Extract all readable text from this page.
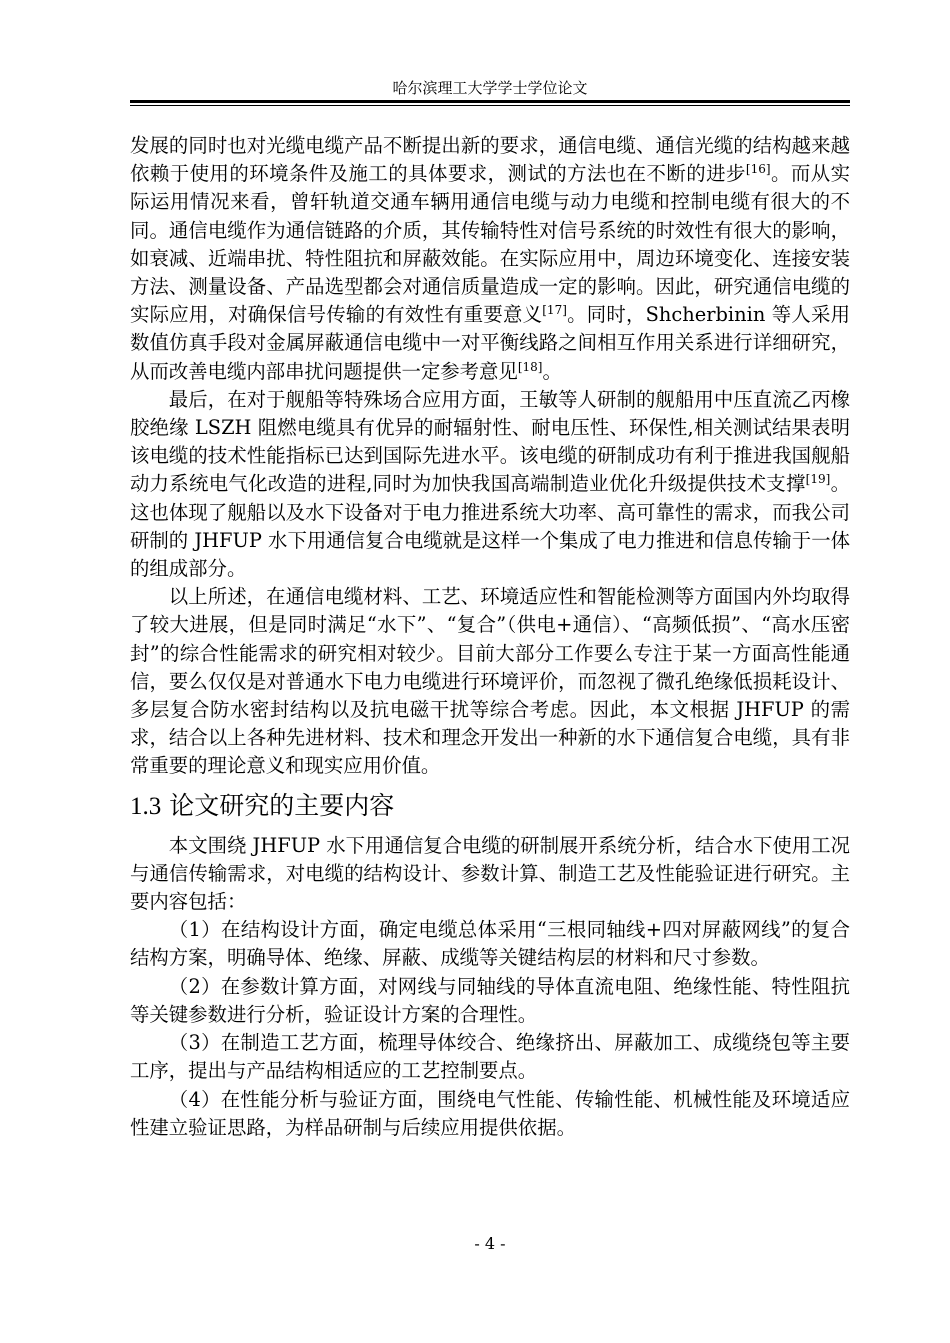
哈尔滨理工大学学士学位论文

发展的同时也对光缆电缆产品不断提出新的要求，通信电缆、通信光缆的结构越来越依赖于使用的环境条件及施工的具体要求，测试的方法也在不断的进步[16]。而从实际运用情况来看，曾轩轨道交通车辆用通信电缆与动力电缆和控制电缆有很大的不同。通信电缆作为通信链路的介质，其传输特性对信号系统的时效性有很大的影响，如衰减、近端串扰、特性阻抗和屏蔽效能。在实际应用中，周边环境变化、连接安装方法、测量设备、产品选型都会对通信质量造成一定的影响。因此，研究通信电缆的实际应用，对确保信号传输的有效性有重要意义[17]。同时，Shcherbinin 等人采用数值仿真手段对金属屏蔽通信电缆中一对平衡线路之间相互作用关系进行详细研究，从而改善电缆内部串扰问题提供一定参考意见[18]。

最后，在对于舰船等特殊场合应用方面，王敏等人研制的舰船用中压直流乙丙橡胶绝缘 LSZH 阻燃电缆具有优异的耐辐射性、耐电压性、环保性,相关测试结果表明该电缆的技术性能指标已达到国际先进水平。该电缆的研制成功有利于推进我国舰船动力系统电气化改造的进程,同时为加快我国高端制造业优化升级提供技术支撑[19]。这也体现了舰船以及水下设备对于电力推进系统大功率、高可靠性的需求，而我公司研制的 JHFUP 水下用通信复合电缆就是这样一个集成了电力推进和信息传输于一体的组成部分。

以上所述，在通信电缆材料、工艺、环境适应性和智能检测等方面国内外均取得了较大进展，但是同时满足“水下”、“复合”（供电+通信）、“高频低损”、“高水压密封”的综合性能需求的研究相对较少。目前大部分工作要么专注于某一方面高性能通信，要么仅仅是对普通水下电力电缆进行环境评价，而忽视了微孔绝缘低损耗设计、多层复合防水密封结构以及抗电磁干扰等综合考虑。因此，本文根据 JHFUP 的需求，结合以上各种先进材料、技术和理念开发出一种新的水下通信复合电缆，具有非常重要的理论意义和现实应用价值。

1.3 论文研究的主要内容

本文围绕 JHFUP 水下用通信复合电缆的研制展开系统分析，结合水下使用工况与通信传输需求，对电缆的结构设计、参数计算、制造工艺及性能验证进行研究。主要内容包括：

（1）在结构设计方面，确定电缆总体采用“三根同轴线+四对屏蔽网线”的复合结构方案，明确导体、绝缘、屏蔽、成缆等关键结构层的材料和尺寸参数。

（2）在参数计算方面，对网线与同轴线的导体直流电阻、绝缘性能、特性阻抗等关键参数进行分析，验证设计方案的合理性。

（3）在制造工艺方面，梳理导体绞合、绝缘挤出、屏蔽加工、成缆绕包等主要工序，提出与产品结构相适应的工艺控制要点。

（4）在性能分析与验证方面，围绕电气性能、传输性能、机械性能及环境适应性建立验证思路，为样品研制与后续应用提供依据。

- 4 -
